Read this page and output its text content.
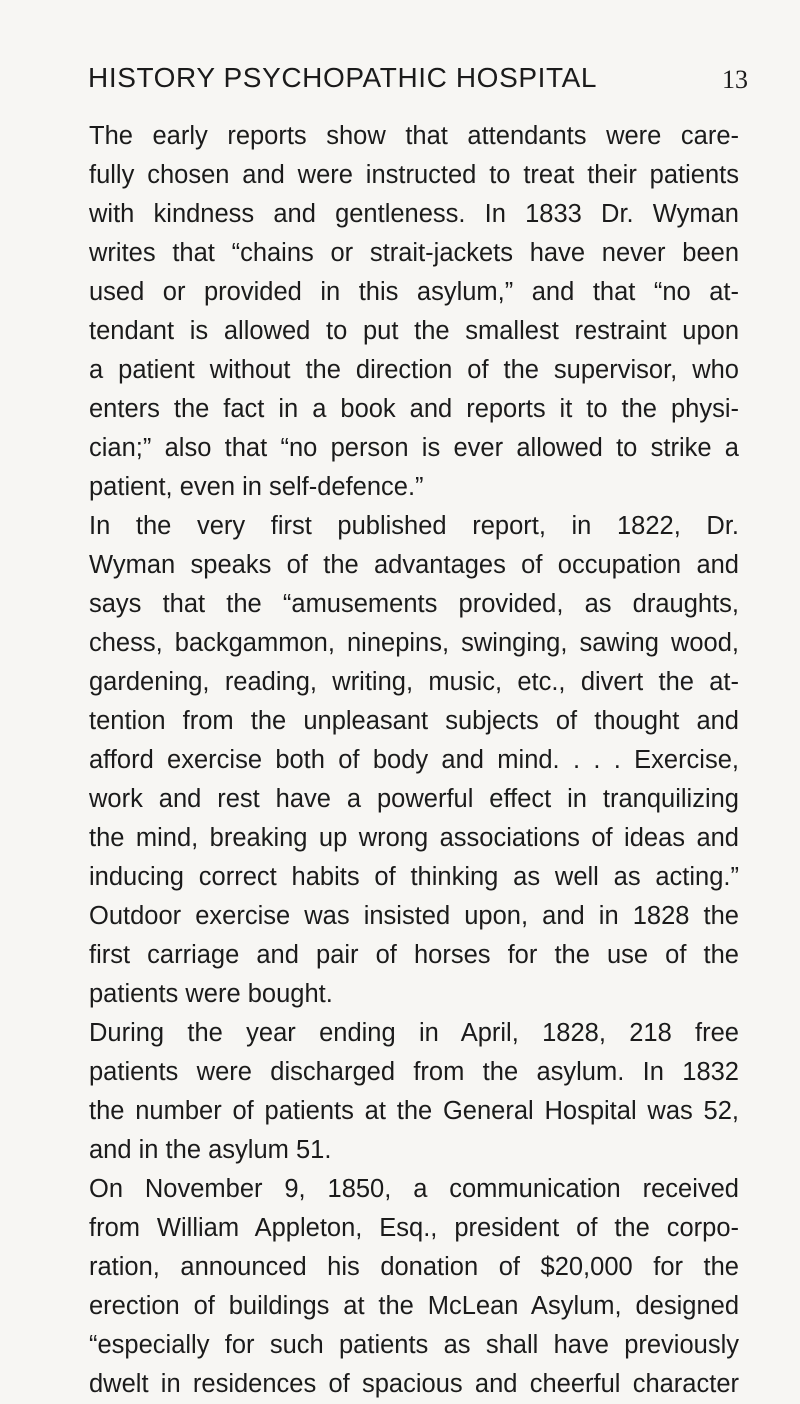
HISTORY PSYCHOPATHIC HOSPITAL	13
The early reports show that attendants were care-
fully chosen and were instructed to treat their patients
with kindness and gentleness. In 1833 Dr. Wyman
writes that “chains or strait-jackets have never been
used or provided in this asylum,” and that “no at-
tendant is allowed to put the smallest restraint upon
a patient without the direction of the supervisor, who
enters the fact in a book and reports it to the physi-
cian;” also that “no person is ever allowed to strike a
patient, even in self-defence.”
In the very first published report, in 1822, Dr.
Wyman speaks of the advantages of occupation and
says that the “amusements provided, as draughts,
chess, backgammon, ninepins, swinging, sawing wood,
gardening, reading, writing, music, etc., divert the at-
tention from the unpleasant subjects of thought and
afford exercise both of body and mind. . . . Exercise,
work and rest have a powerful effect in tranquilizing
the mind, breaking up wrong associations of ideas and
inducing correct habits of thinking as well as acting.”
Outdoor exercise was insisted upon, and in 1828 the
first carriage and pair of horses for the use of the
patients were bought.
During the year ending in April, 1828, 218 free
patients were discharged from the asylum. In 1832
the number of patients at the General Hospital was 52,
and in the asylum 51.
On November 9, 1850, a communication received
from William Appleton, Esq., president of the corpo-
ration, announced his donation of $20,000 for the
erection of buildings at the McLean Asylum, designed
“especially for such patients as shall have previously
dwelt in residences of spacious and cheerful character
